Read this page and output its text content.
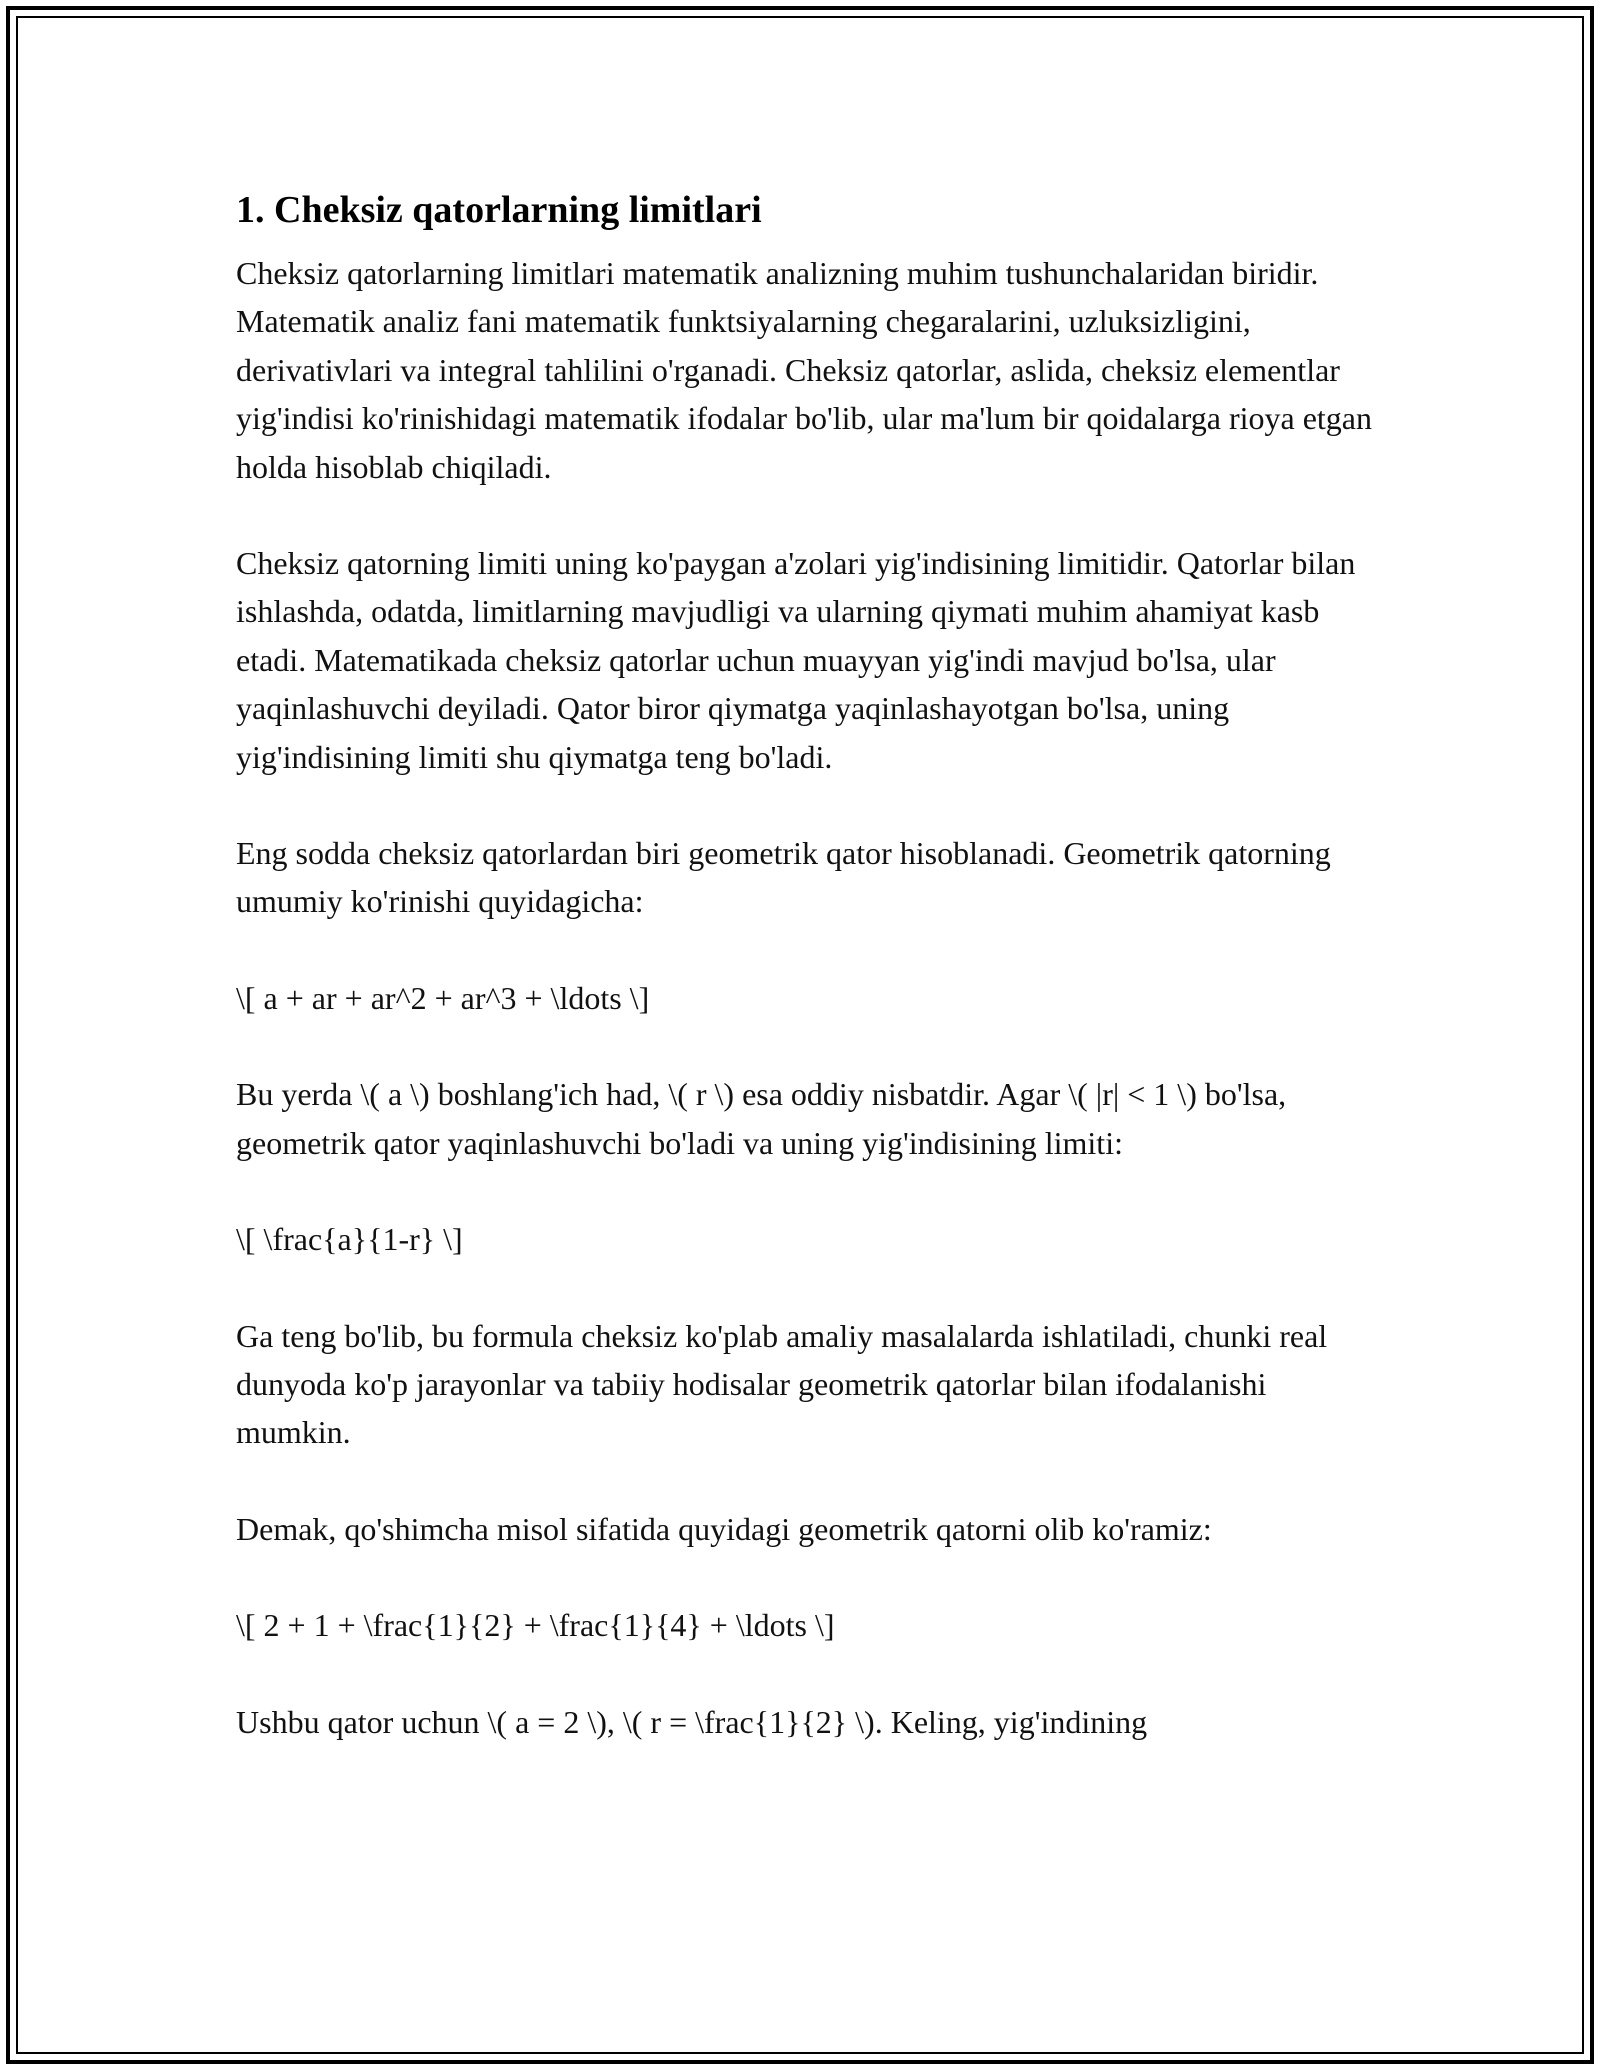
1. Cheksiz qatorlarning limitlari

Cheksiz qatorlarning limitlari matematik analizning muhim tushunchalaridan biridir. Matematik analiz fani matematik funktsiyalarning chegaralarini, uzluksizligini, derivativlari va integral tahlilini o'rganadi. Cheksiz qatorlar, aslida, cheksiz elementlar yig'indisi ko'rinishidagi matematik ifodalar bo'lib, ular ma'lum bir qoidalarga rioya etgan holda hisoblab chiqiladi.

Cheksiz qatorning limiti uning ko'paygan a'zolari yig'indisining limitidir. Qatorlar bilan ishlashda, odatda, limitlarning mavjudligi va ularning qiymati muhim ahamiyat kasb etadi. Matematikada cheksiz qatorlar uchun muayyan yig'indi mavjud bo'lsa, ular yaqinlashuvchi deyiladi. Qator biror qiymatga yaqinlashayotgan bo'lsa, uning yig'indisining limiti shu qiymatga teng bo'ladi.

Eng sodda cheksiz qatorlardan biri geometrik qator hisoblanadi. Geometrik qatorning umumiy ko'rinishi quyidagicha:

\[ a + ar + ar^2 + ar^3 + \ldots \]

Bu yerda \( a \) boshlang'ich had, \( r \) esa oddiy nisbatdir. Agar \( |r| < 1 \) bo'lsa, geometrik qator yaqinlashuvchi bo'ladi va uning yig'indisining limiti:

\[ \frac{a}{1-r} \]

Ga teng bo'lib, bu formula cheksiz ko'plab amaliy masalalarda ishlatiladi, chunki real dunyoda ko'p jarayonlar va tabiiy hodisalar geometrik qatorlar bilan ifodalanishi mumkin.

Demak, qo'shimcha misol sifatida quyidagi geometrik qatorni olib ko'ramiz:

\[ 2 + 1 + \frac{1}{2} + \frac{1}{4} + \ldots \]

Ushbu qator uchun \( a = 2 \), \( r = \frac{1}{2} \). Keling, yig'indining
